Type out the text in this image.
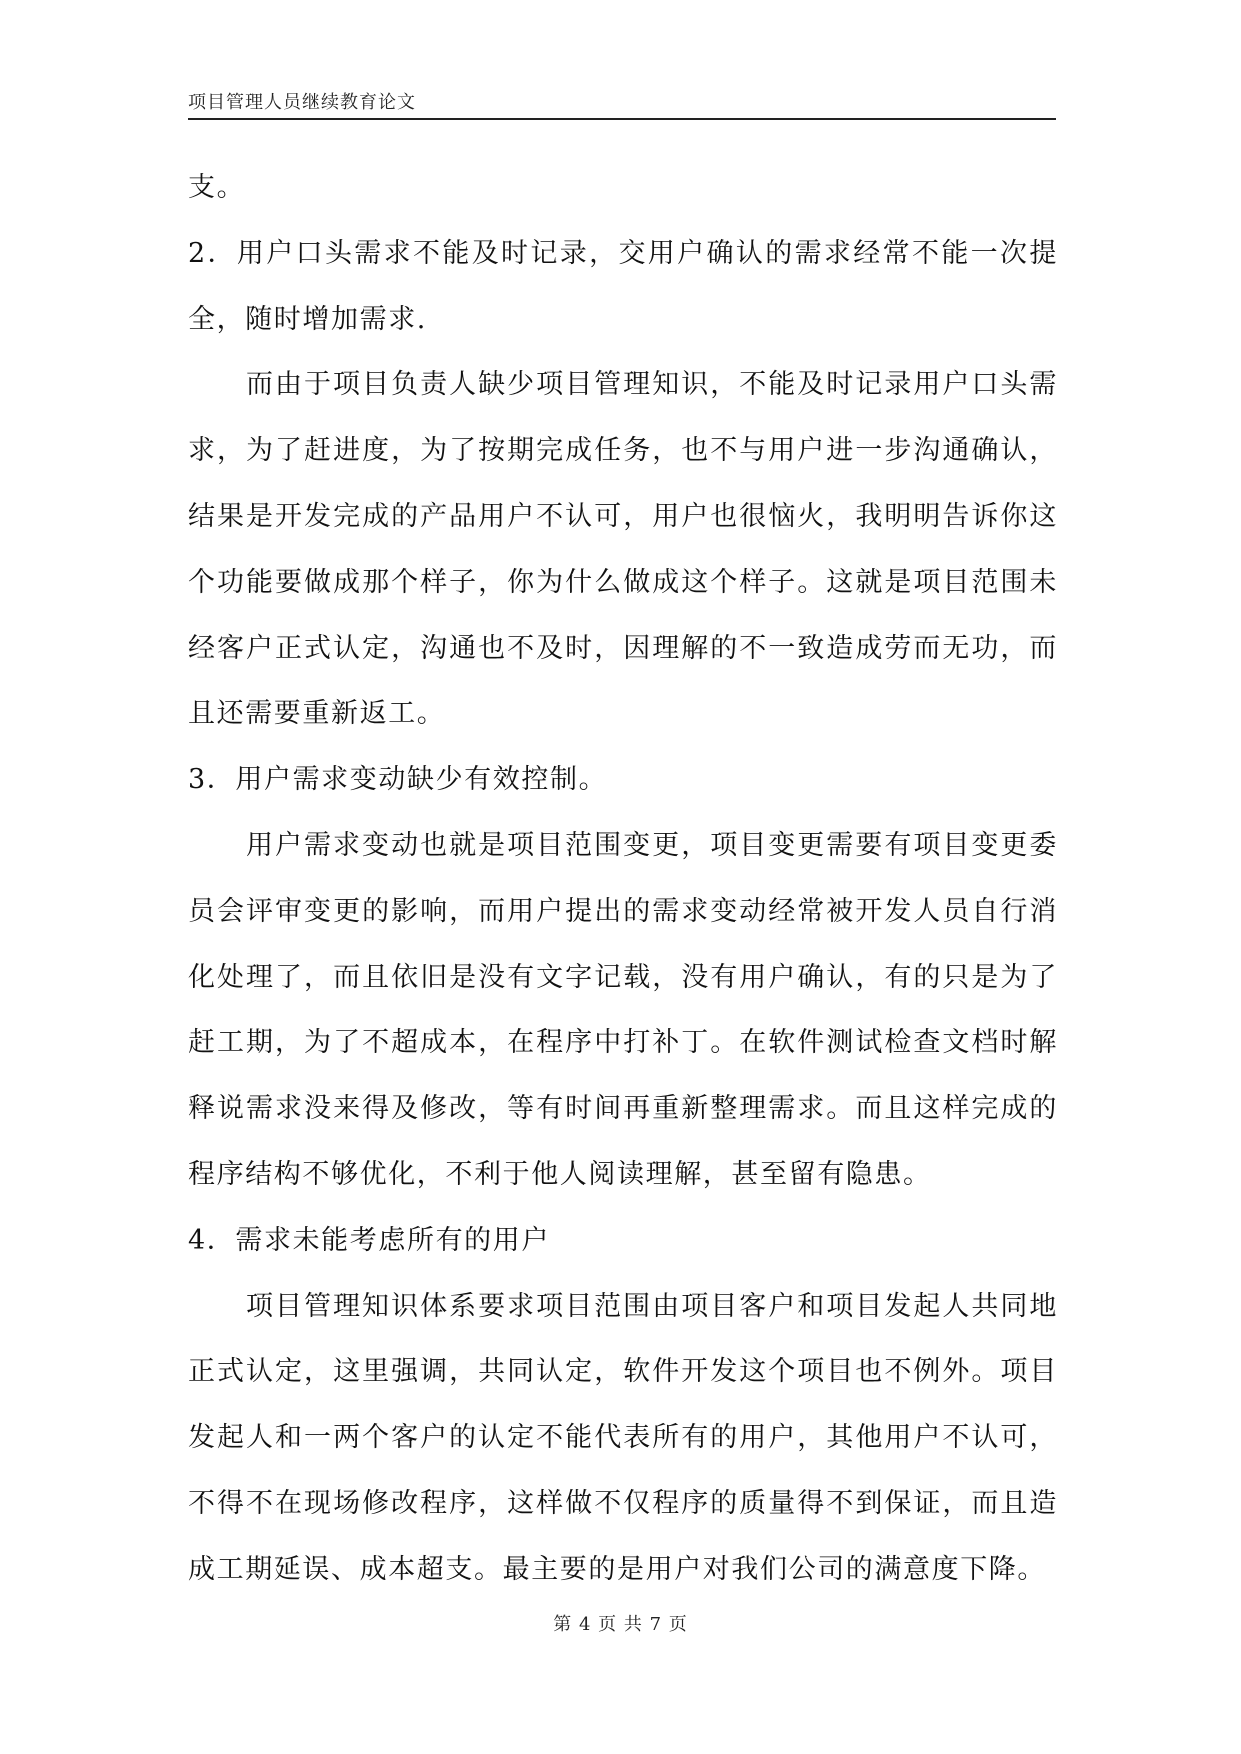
项目管理人员继续教育论文

支。

2．用户口头需求不能及时记录，交用户确认的需求经常不能一次提全，随时增加需求.

而由于项目负责人缺少项目管理知识，不能及时记录用户口头需求，为了赶进度，为了按期完成任务，也不与用户进一步沟通确认，结果是开发完成的产品用户不认可，用户也很恼火，我明明告诉你这个功能要做成那个样子，你为什么做成这个样子。这就是项目范围未经客户正式认定，沟通也不及时，因理解的不一致造成劳而无功，而且还需要重新返工。

3．用户需求变动缺少有效控制。

用户需求变动也就是项目范围变更，项目变更需要有项目变更委员会评审变更的影响，而用户提出的需求变动经常被开发人员自行消化处理了，而且依旧是没有文字记载，没有用户确认，有的只是为了赶工期，为了不超成本，在程序中打补丁。在软件测试检查文档时解释说需求没来得及修改，等有时间再重新整理需求。而且这样完成的程序结构不够优化，不利于他人阅读理解，甚至留有隐患。

4．需求未能考虑所有的用户

项目管理知识体系要求项目范围由项目客户和项目发起人共同地正式认定，这里强调，共同认定，软件开发这个项目也不例外。项目发起人和一两个客户的认定不能代表所有的用户，其他用户不认可，不得不在现场修改程序，这样做不仅程序的质量得不到保证，而且造成工期延误、成本超支。最主要的是用户对我们公司的满意度下降。

第 4 页 共 7 页
